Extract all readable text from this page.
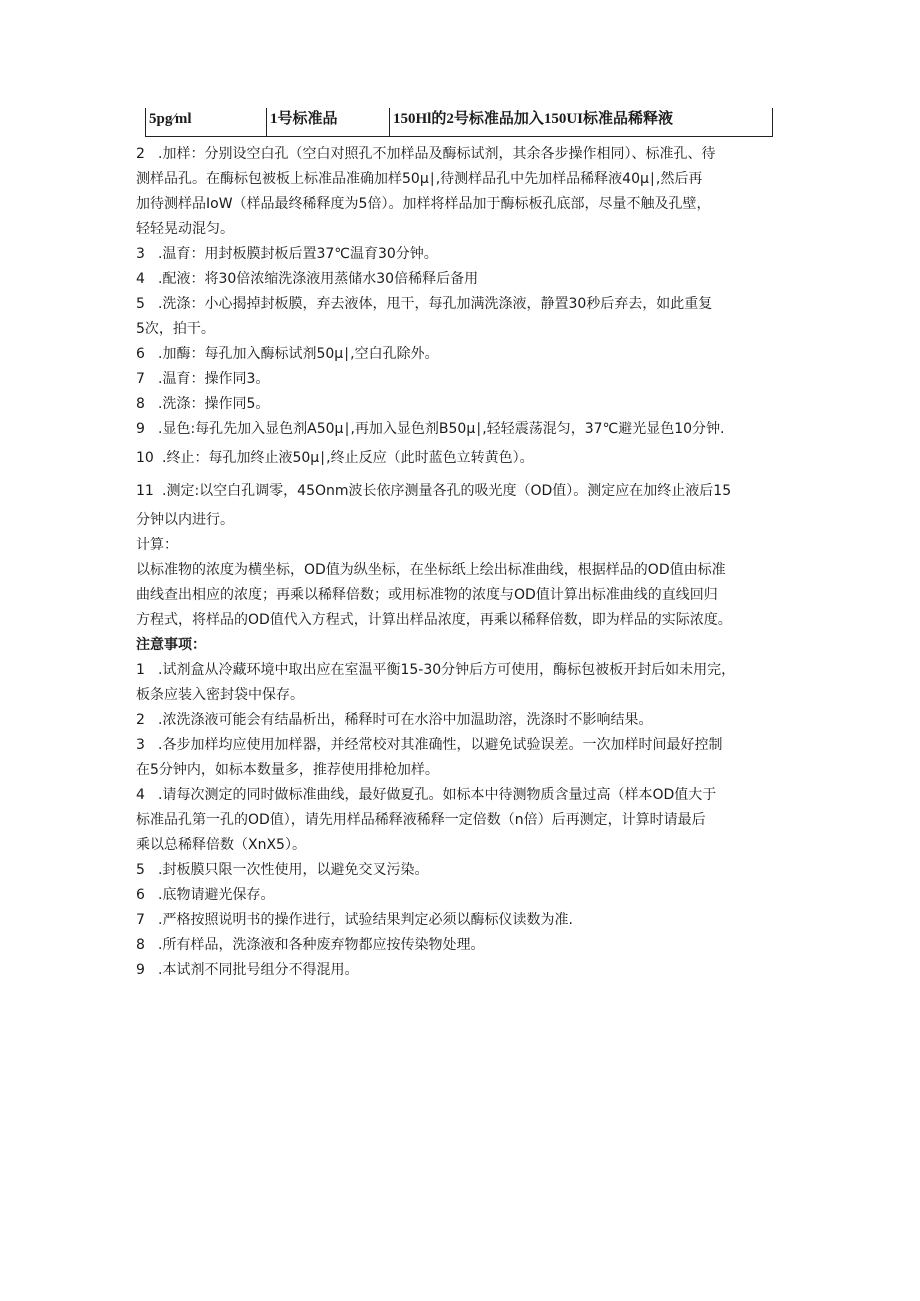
5pg∕ml	1号标准品	150Hl的2号标准品加入150UI标准品稀释液
2 .加样：分别设空白孔（空白对照孔不加样品及酶标试剂，其余各步操作相同）、标准孔、待
测样品孔。在酶标包被板上标准品准确加样50μ∣,待测样品孔中先加样品稀释液40μ∣,然后再
加待测样品IoW（样品最终稀释度为5倍）。加样将样品加于酶标板孔底部，尽量不触及孔壁，
轻轻晃动混匀。
3 .温育：用封板膜封板后置37℃温育30分钟。
4 .配液：将30倍浓缩洗涤液用蒸储水30倍稀释后备用
5 .洗涤：小心揭掉封板膜，弃去液体，甩干，每孔加满洗涤液，静置30秒后弃去，如此重复
5次，拍干。
6 .加酶：每孔加入酶标试剂50μ∣,空白孔除外。
7 .温育：操作同3。
8 .洗涤：操作同5。
9 .显色:每孔先加入显色剂A50μ∣,再加入显色剂B50μ∣,轻轻震荡混匀，37℃避光显色10分钟.
10 .终止：每孔加终止液50μ∣,终止反应（此时蓝色立转黄色）。
11 .测定:以空白孔调零，45Onm波长依序测量各孔的吸光度（OD值）。测定应在加终止液后15
分钟以内进行。
计算：
以标准物的浓度为横坐标，OD值为纵坐标，在坐标纸上绘出标准曲线，根据样品的OD值由标准
曲线查出相应的浓度；再乘以稀释倍数；或用标准物的浓度与OD值计算出标准曲线的直线回归
方程式，将样品的OD值代入方程式，计算出样品浓度，再乘以稀释倍数，即为样品的实际浓度。
注意事项：
1 .试剂盒从冷藏环境中取出应在室温平衡15-30分钟后方可使用，酶标包被板开封后如未用完，
板条应装入密封袋中保存。
2 .浓洗涤液可能会有结晶析出，稀释时可在水浴中加温助溶，洗涤时不影响结果。
3 .各步加样均应使用加样器，并经常校对其准确性，以避免试验误差。一次加样时间最好控制
在5分钟内，如标本数量多，推荐使用排枪加样。
4 .请每次测定的同时做标准曲线，最好做夏孔。如标本中待测物质含量过高（样本OD值大于
标准品孔第一孔的OD值），请先用样品稀释液稀释一定倍数（n倍）后再测定，计算时请最后
乘以总稀释倍数（XnX5）。
5 .封板膜只限一次性使用，以避免交叉污染。
6 .底物请避光保存。
7 .严格按照说明书的操作进行，试验结果判定必须以酶标仪读数为准.
8 .所有样品，洗涤液和各种废弃物都应按传染物处理。
9 .本试剂不同批号组分不得混用。
